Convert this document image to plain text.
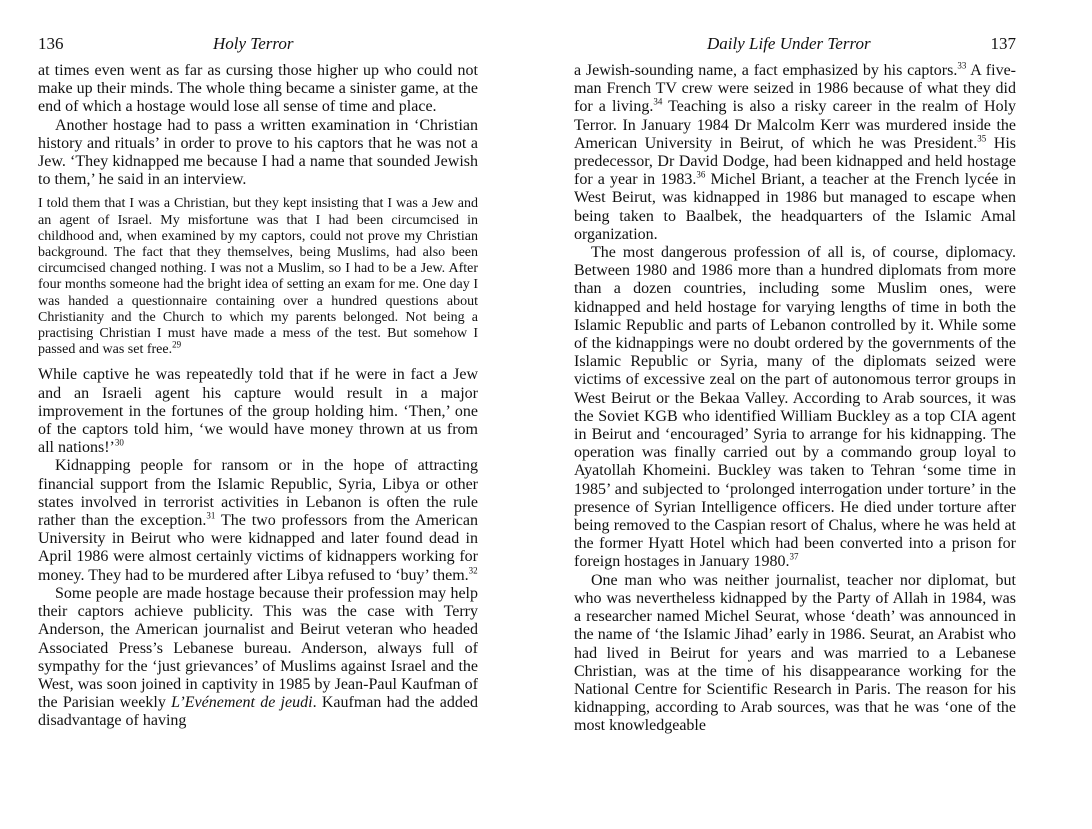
136	Holy Terror

at times even went as far as cursing those higher up who could not make up their minds. The whole thing became a sinister game, at the end of which a hostage would lose all sense of time and place.

Another hostage had to pass a written examination in ‘Christian history and rituals’ in order to prove to his captors that he was not a Jew. ‘They kidnapped me because I had a name that sounded Jewish to them,’ he said in an interview.

I told them that I was a Christian, but they kept insisting that I was a Jew and an agent of Israel. My misfortune was that I had been circumcised in childhood and, when examined by my captors, could not prove my Christian background. The fact that they themselves, being Muslims, had also been circumcised changed nothing. I was not a Muslim, so I had to be a Jew. After four months someone had the bright idea of setting an exam for me. One day I was handed a questionnaire containing over a hundred questions about Christianity and the Church to which my parents belonged. Not being a practising Christian I must have made a mess of the test. But somehow I passed and was set free.$^{29}$

While captive he was repeatedly told that if he were in fact a Jew and an Israeli agent his capture would result in a major improvement in the fortunes of the group holding him. ‘Then,’ one of the captors told him, ‘we would have money thrown at us from all nations!’$^{30}$

Kidnapping people for ransom or in the hope of attracting financial support from the Islamic Republic, Syria, Libya or other states involved in terrorist activities in Lebanon is often the rule rather than the exception.$^{31}$ The two professors from the American University in Beirut who were kidnapped and later found dead in April 1986 were almost certainly victims of kidnappers working for money. They had to be murdered after Libya refused to ‘buy’ them.$^{32}$

Some people are made hostage because their profession may help their captors achieve publicity. This was the case with Terry Anderson, the American journalist and Beirut veteran who headed Associated Press’s Lebanese bureau. Anderson, always full of sympathy for the ‘just grievances’ of Muslims against Israel and the West, was soon joined in captivity in 1985 by Jean-Paul Kaufman of the Parisian weekly L’Evénement de jeudi. Kaufman had the added disadvantage of having

Daily Life Under Terror	137

a Jewish-sounding name, a fact emphasized by his captors.$^{33}$ A five-man French TV crew were seized in 1986 because of what they did for a living.$^{34}$ Teaching is also a risky career in the realm of Holy Terror. In January 1984 Dr Malcolm Kerr was murdered inside the American University in Beirut, of which he was President.$^{35}$ His predecessor, Dr David Dodge, had been kidnapped and held hostage for a year in 1983.36 Michel Briant, a teacher at the French lycée in West Beirut, was kidnapped in 1986 but managed to escape when being taken to Baalbek, the headquarters of the Islamic Amal organization.

The most dangerous profession of all is, of course, diplomacy. Between 1980 and 1986 more than a hundred diplomats from more than a dozen countries, including some Muslim ones, were kidnapped and held hostage for varying lengths of time in both the Islamic Republic and parts of Lebanon controlled by it. While some of the kidnappings were no doubt ordered by the governments of the Islamic Republic or Syria, many of the diplomats seized were victims of excessive zeal on the part of autonomous terror groups in West Beirut or the Bekaa Valley. According to Arab sources, it was the Soviet KGB who identified William Buckley as a top CIA agent in Beirut and ‘encouraged’ Syria to arrange for his kidnapping. The operation was finally carried out by a commando group loyal to Ayatollah Khomeini. Buckley was taken to Tehran ‘some time in 1985’ and subjected to ‘prolonged interrogation under torture’ in the presence of Syrian Intelligence officers. He died under torture after being removed to the Caspian resort of Chalus, where he was held at the former Hyatt Hotel which had been converted into a prison for foreign hostages in January 1980.37

One man who was neither journalist, teacher nor diplomat, but who was nevertheless kidnapped by the Party of Allah in 1984, was a researcher named Michel Seurat, whose ‘death’ was announced in the name of ‘the Islamic Jihad’ early in 1986. Seurat, an Arabist who had lived in Beirut for years and was married to a Lebanese Christian, was at the time of his disappearance working for the National Centre for Scientific Research in Paris. The reason for his kidnapping, according to Arab sources, was that he was ‘one of the most knowledgeable
